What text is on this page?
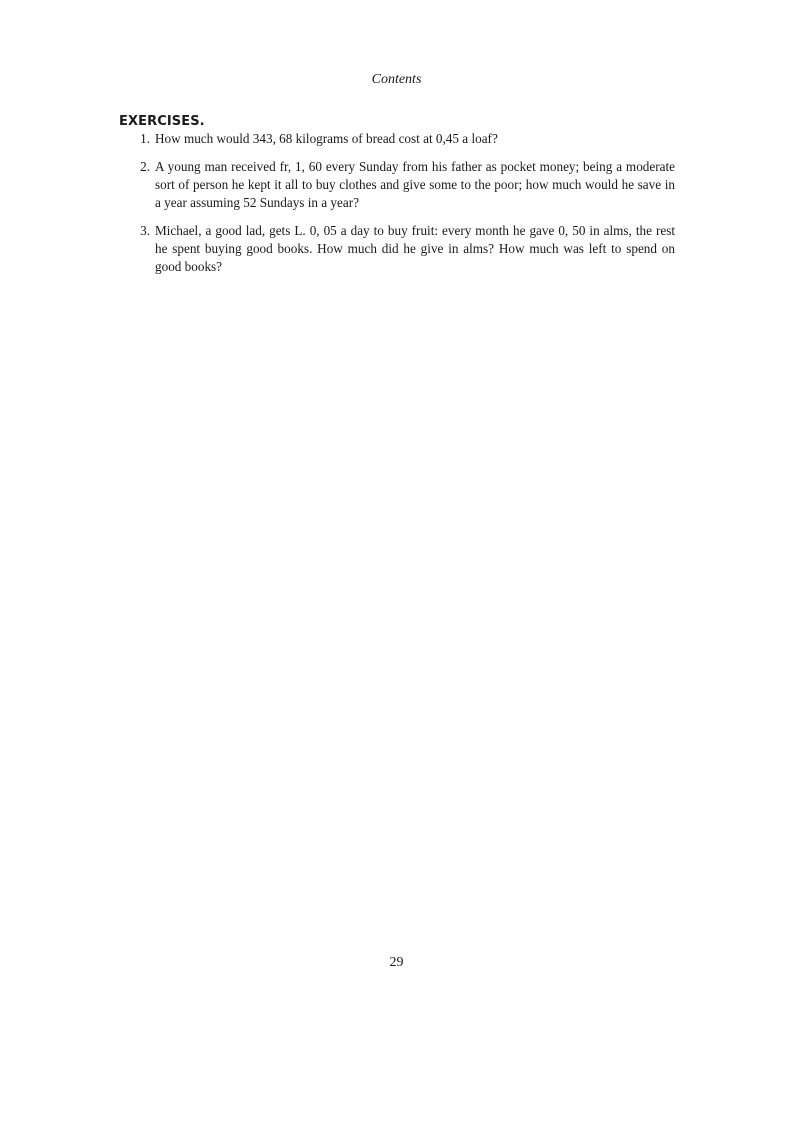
Contents
EXERCISES.
1. How much would 343, 68 kilograms of bread cost at 0,45 a loaf?
2. A young man received fr, 1, 60 every Sunday from his father as pocket money; being a moderate sort of person he kept it all to buy clothes and give some to the poor; how much would he save in a year assuming 52 Sundays in a year?
3. Michael, a good lad, gets L. 0, 05 a day to buy fruit: every month he gave 0, 50 in alms, the rest he spent buying good books. How much did he give in alms? How much was left to spend on good books?
29
